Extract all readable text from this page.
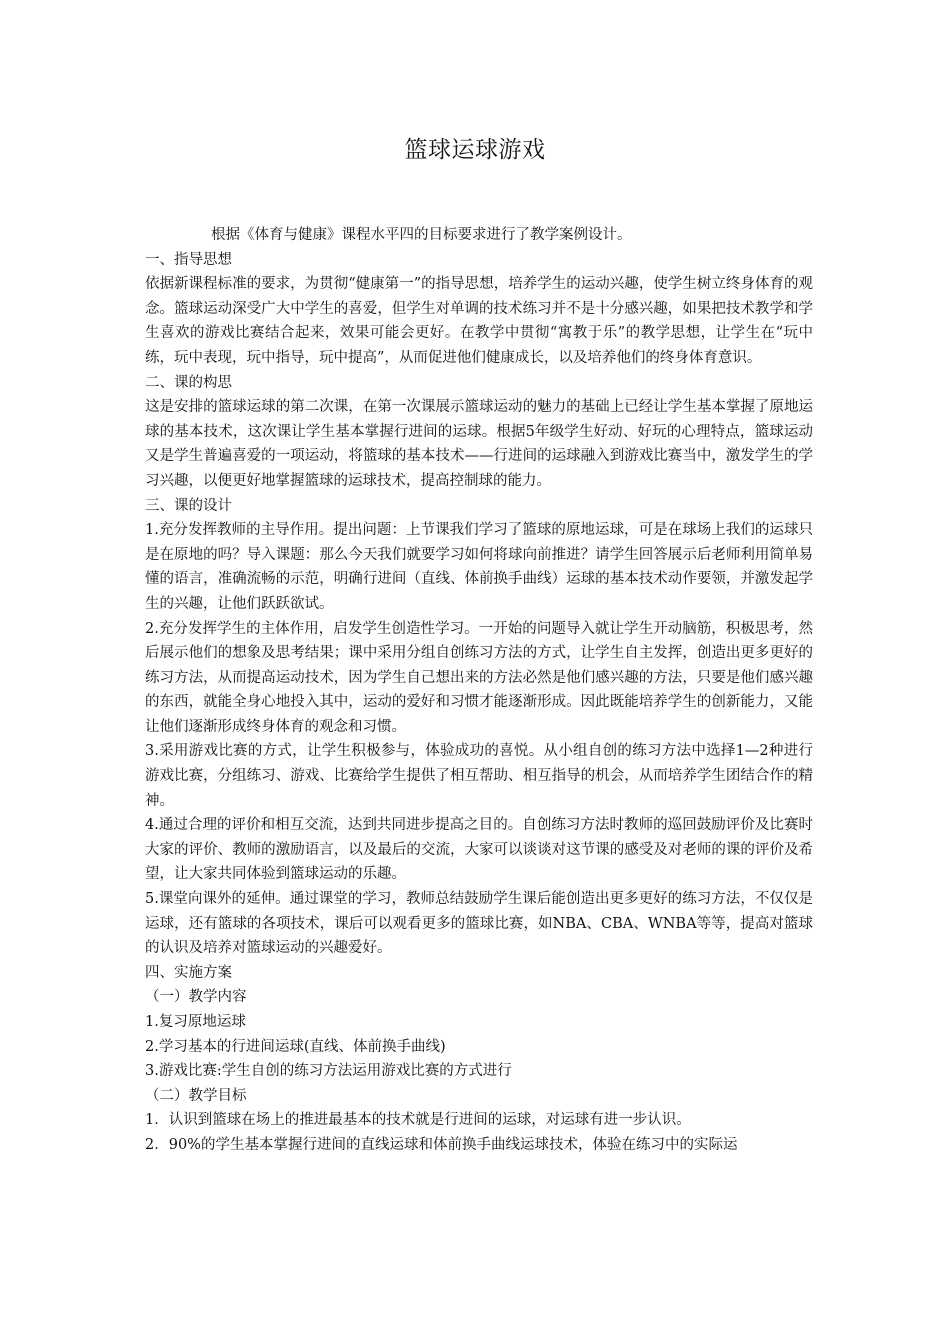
篮球运球游戏

根据《体育与健康》课程水平四的目标要求进行了教学案例设计。

一、指导思想

依据新课程标准的要求，为贯彻“健康第一”的指导思想，培养学生的运动兴趣，使学生树立终身体育的观念。篮球运动深受广大中学生的喜爱，但学生对单调的技术练习并不是十分感兴趣，如果把技术教学和学生喜欢的游戏比赛结合起来，效果可能会更好。在教学中贯彻“寓教于乐”的教学思想，让学生在“玩中练，玩中表现，玩中指导，玩中提高”，从而促进他们健康成长，以及培养他们的终身体育意识。

二、课的构思

这是安排的篮球运球的第二次课，在第一次课展示篮球运动的魅力的基础上已经让学生基本掌握了原地运球的基本技术，这次课让学生基本掌握行进间的运球。根据5年级学生好动、好玩的心理特点，篮球运动又是学生普遍喜爱的一项运动，将篮球的基本技术——行进间的运球融入到游戏比赛当中，激发学生的学习兴趣，以便更好地掌握篮球的运球技术，提高控制球的能力。

三、课的设计

1.充分发挥教师的主导作用。提出问题：上节课我们学习了篮球的原地运球，可是在球场上我们的运球只是在原地的吗？导入课题：那么今天我们就要学习如何将球向前推进？请学生回答展示后老师利用简单易懂的语言，准确流畅的示范，明确行进间（直线、体前换手曲线）运球的基本技术动作要领，并激发起学生的兴趣，让他们跃跃欲试。

2.充分发挥学生的主体作用，启发学生创造性学习。一开始的问题导入就让学生开动脑筋，积极思考，然后展示他们的想象及思考结果；课中采用分组自创练习方法的方式，让学生自主发挥，创造出更多更好的练习方法，从而提高运动技术，因为学生自己想出来的方法必然是他们感兴趣的方法，只要是他们感兴趣的东西，就能全身心地投入其中，运动的爱好和习惯才能逐渐形成。因此既能培养学生的创新能力，又能让他们逐渐形成终身体育的观念和习惯。

3.采用游戏比赛的方式，让学生积极参与，体验成功的喜悦。从小组自创的练习方法中选择1—2种进行游戏比赛，分组练习、游戏、比赛给学生提供了相互帮助、相互指导的机会，从而培养学生团结合作的精神。

4.通过合理的评价和相互交流，达到共同进步提高之目的。自创练习方法时教师的巡回鼓励评价及比赛时大家的评价、教师的激励语言，以及最后的交流，大家可以谈谈对这节课的感受及对老师的课的评价及希望，让大家共同体验到篮球运动的乐趣。

5.课堂向课外的延伸。通过课堂的学习，教师总结鼓励学生课后能创造出更多更好的练习方法，不仅仅是运球，还有篮球的各项技术，课后可以观看更多的篮球比赛，如NBA、CBA、WNBA等等，提高对篮球的认识及培养对篮球运动的兴趣爱好。

四、实施方案

（一）教学内容

1.复习原地运球

2.学习基本的行进间运球(直线、体前换手曲线)

3.游戏比赛:学生自创的练习方法运用游戏比赛的方式进行

（二）教学目标

1．认识到篮球在场上的推进最基本的技术就是行进间的运球，对运球有进一步认识。

2．90%的学生基本掌握行进间的直线运球和体前换手曲线运球技术，体验在练习中的实际运
